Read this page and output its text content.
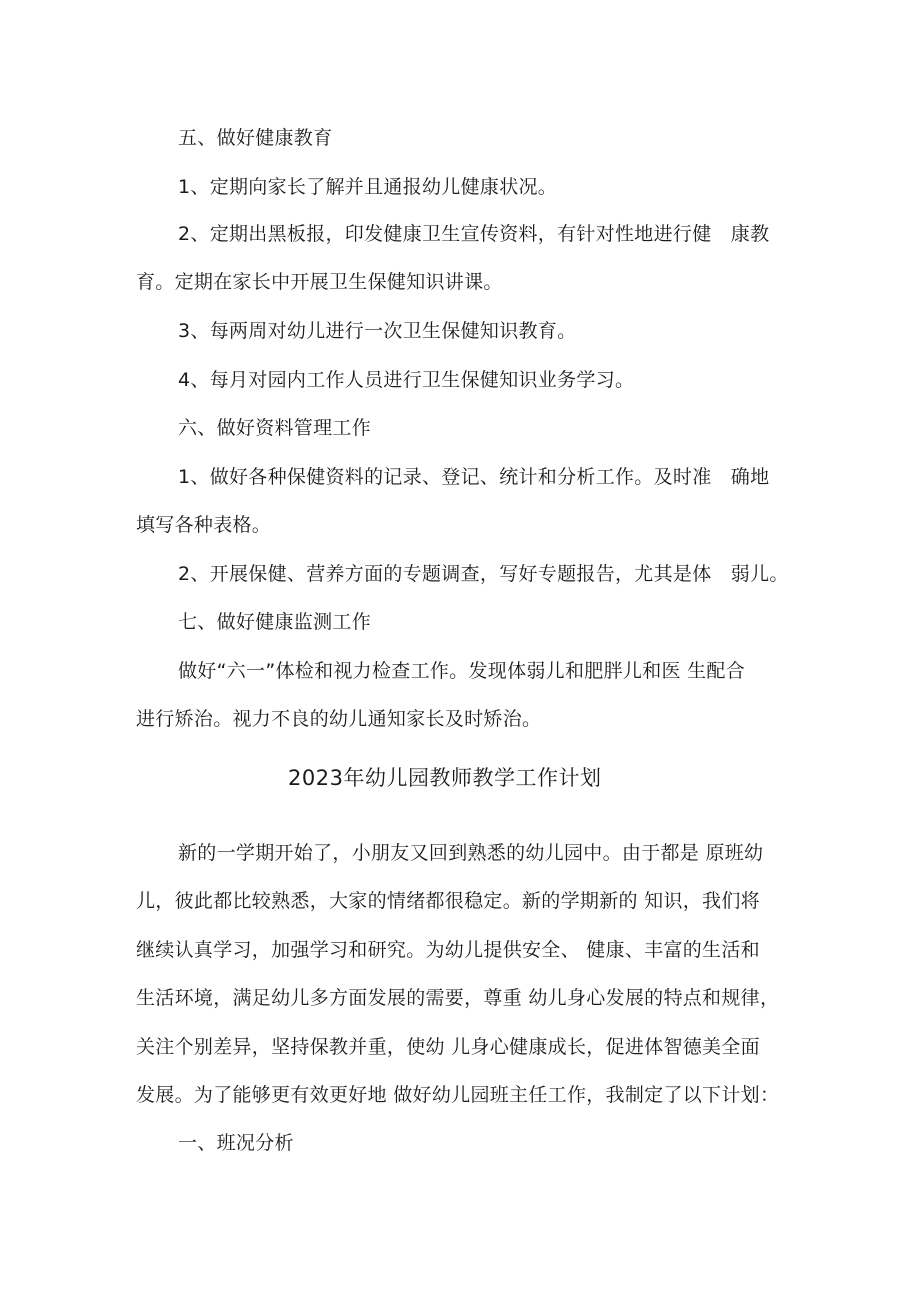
五、做好健康教育
1、定期向家长了解并且通报幼儿健康状况。
2、定期出黑板报，印发健康卫生宣传资料，有针对性地进行健　康教
育。定期在家长中开展卫生保健知识讲课。
3、每两周对幼儿进行一次卫生保健知识教育。
4、每月对园内工作人员进行卫生保健知识业务学习。
六、做好资料管理工作
1、做好各种保健资料的记录、登记、统计和分析工作。及时准　确地
填写各种表格。
2、开展保健、营养方面的专题调查，写好专题报告，尤其是体　弱儿。
七、做好健康监测工作
做好“六一”体检和视力检查工作。发现体弱儿和肥胖儿和医 生配合
进行矫治。视力不良的幼儿通知家长及时矫治。
2023年幼儿园教师教学工作计划
新的一学期开始了，小朋友又回到熟悉的幼儿园中。由于都是 原班幼
儿，彼此都比较熟悉，大家的情绪都很稳定。新的学期新的 知识，我们将
继续认真学习，加强学习和研究。为幼儿提供安全、 健康、丰富的生活和
生活环境，满足幼儿多方面发展的需要，尊重 幼儿身心发展的特点和规律，
关注个别差异，坚持保教并重，使幼 儿身心健康成长，促进体智德美全面
发展。为了能够更有效更好地 做好幼儿园班主任工作，我制定了以下计划：
一、班况分析
